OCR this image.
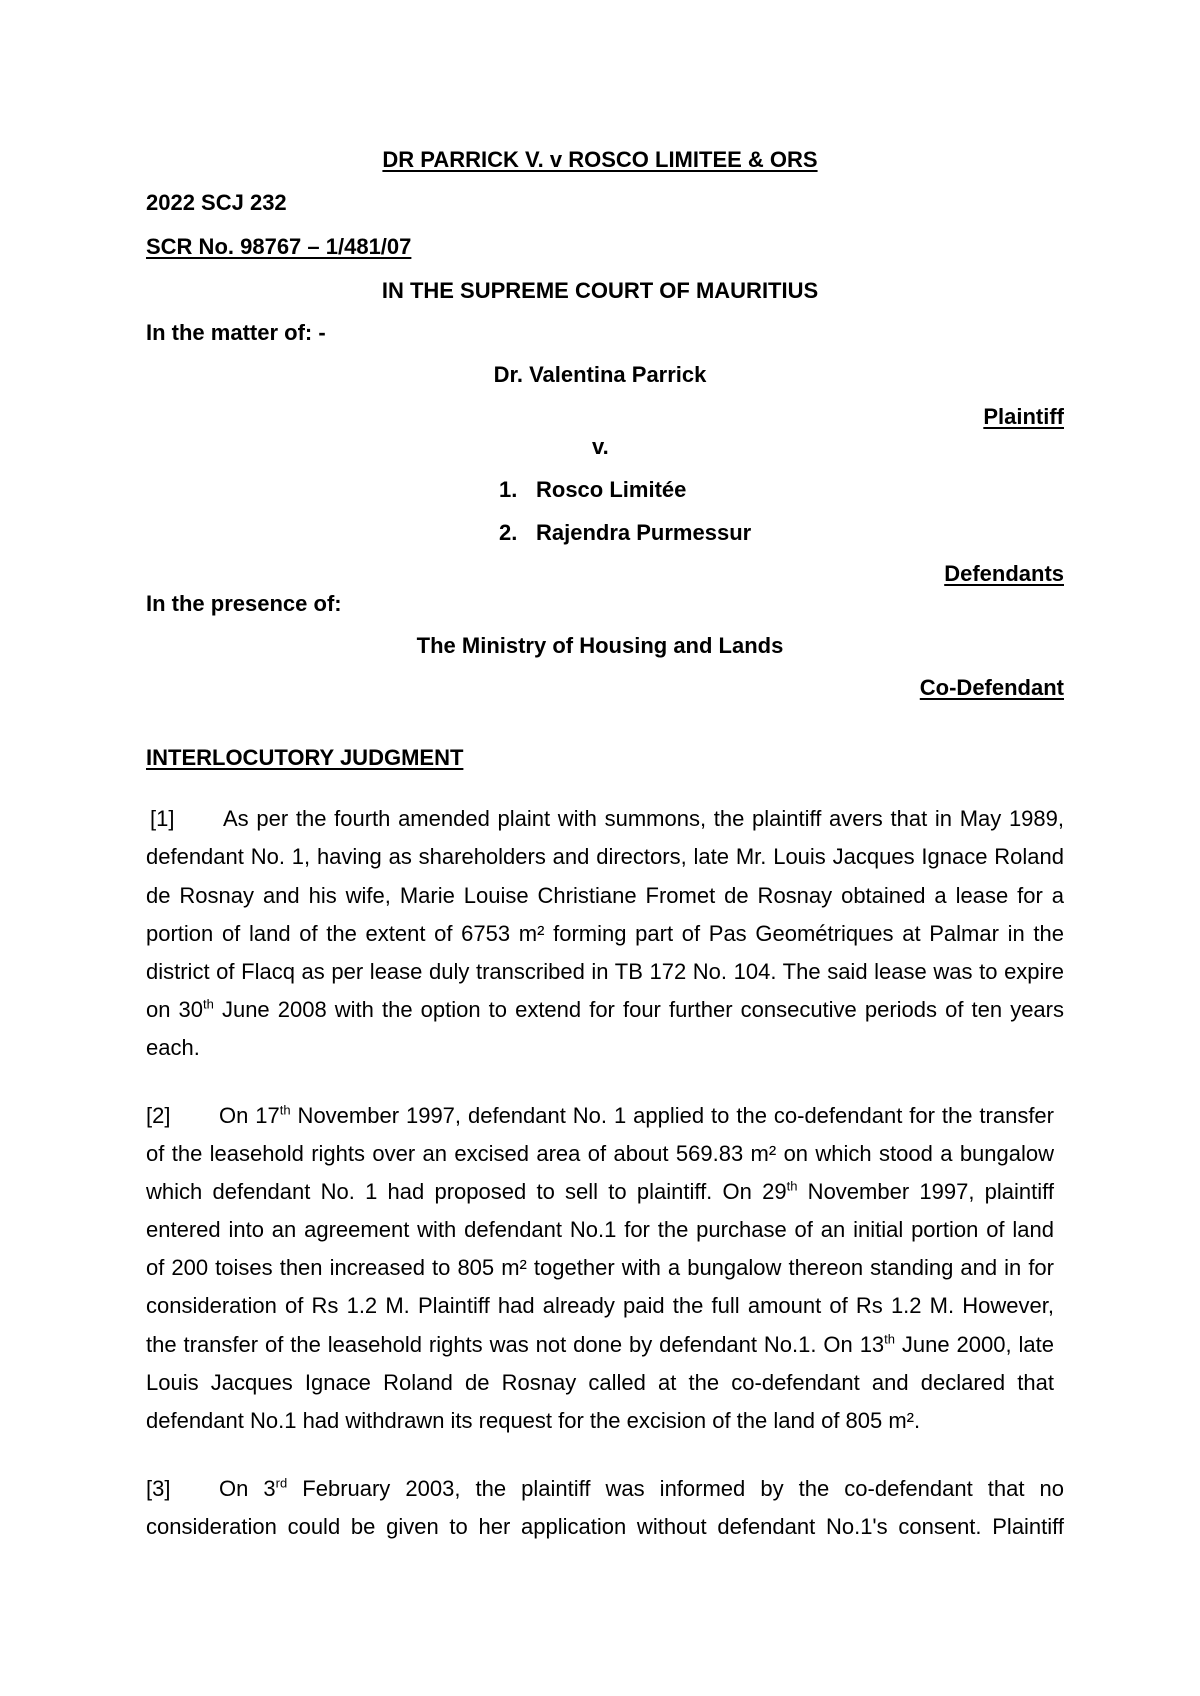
DR PARRICK V. v ROSCO LIMITEE & ORS
2022 SCJ 232
SCR No. 98767 – 1/481/07
IN THE SUPREME COURT OF MAURITIUS
In the matter of: -
Dr. Valentina Parrick
Plaintiff
v.
1. Rosco Limitée
2. Rajendra Purmessur
Defendants
In the presence of:
The Ministry of Housing and Lands
Co-Defendant
INTERLOCUTORY JUDGMENT
[1] As per the fourth amended plaint with summons, the plaintiff avers that in May 1989,
defendant No. 1, having as shareholders and directors, late Mr. Louis Jacques Ignace Roland
de Rosnay and his wife, Marie Louise Christiane Fromet de Rosnay obtained a lease for a
portion of land of the extent of 6753 m² forming part of Pas Geométriques at Palmar in the
district of Flacq as per lease duly transcribed in TB 172 No. 104. The said lease was to expire
on 30th June 2008 with the option to extend for four further consecutive periods of ten years
each.
[2] On 17th November 1997, defendant No. 1 applied to the co-defendant for the transfer
of the leasehold rights over an excised area of about 569.83 m² on which stood a bungalow
which defendant No. 1 had proposed to sell to plaintiff. On 29th November 1997, plaintiff
entered into an agreement with defendant No.1 for the purchase of an initial portion of land
of 200 toises then increased to 805 m² together with a bungalow thereon standing and in for
consideration of Rs 1.2 M. Plaintiff had already paid the full amount of Rs 1.2 M. However,
the transfer of the leasehold rights was not done by defendant No.1. On 13th June 2000, late
Louis Jacques Ignace Roland de Rosnay called at the co-defendant and declared that
defendant No.1 had withdrawn its request for the excision of the land of 805 m².
[3] On 3rd February 2003, the plaintiff was informed by the co-defendant that no
consideration could be given to her application without defendant No.1's consent. Plaintiff
